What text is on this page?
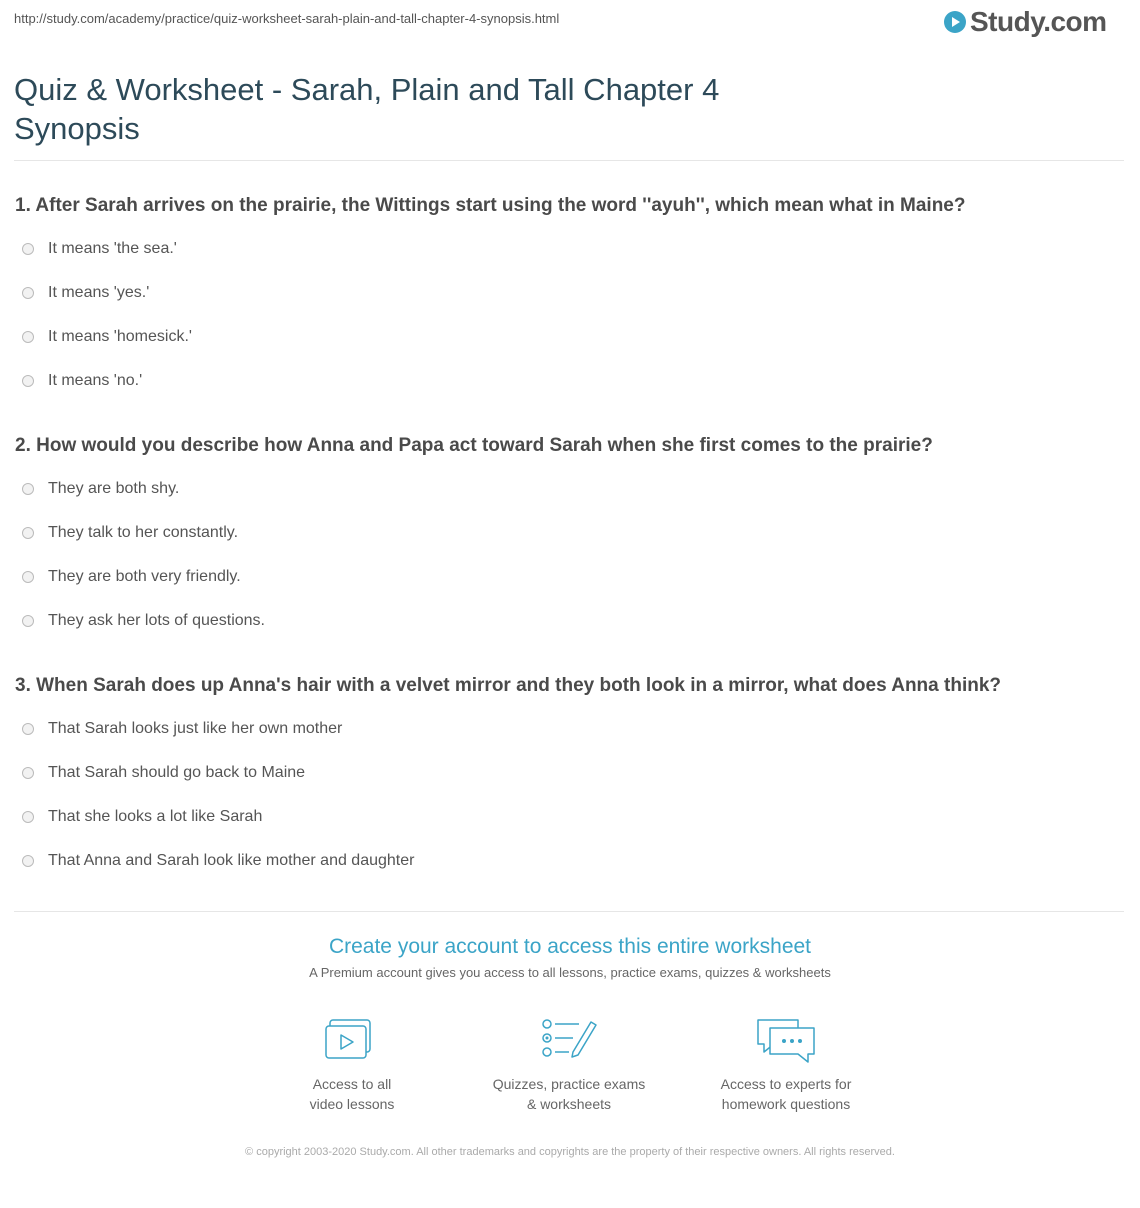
http://study.com/academy/practice/quiz-worksheet-sarah-plain-and-tall-chapter-4-synopsis.html	Study.com
Quiz & Worksheet - Sarah, Plain and Tall Chapter 4 Synopsis

1. After Sarah arrives on the prairie, the Wittings start using the word ''ayuh'', which mean what in Maine?

It means 'the sea.'
It means 'yes.'
It means 'homesick.'
It means 'no.'

2. How would you describe how Anna and Papa act toward Sarah when she first comes to the prairie?

They are both shy.
They talk to her constantly.
They are both very friendly.
They ask her lots of questions.

3. When Sarah does up Anna's hair with a velvet mirror and they both look in a mirror, what does Anna think?

That Sarah looks just like her own mother
That Sarah should go back to Maine
That she looks a lot like Sarah
That Anna and Sarah look like mother and daughter
Create your account to access this entire worksheet
A Premium account gives you access to all lessons, practice exams, quizzes & worksheets
Access to all
video lessons
Quizzes, practice exams
& worksheets
Access to experts for
homework questions
© copyright 2003-2020 Study.com. All other trademarks and copyrights are the property of their respective owners. All rights reserved.
